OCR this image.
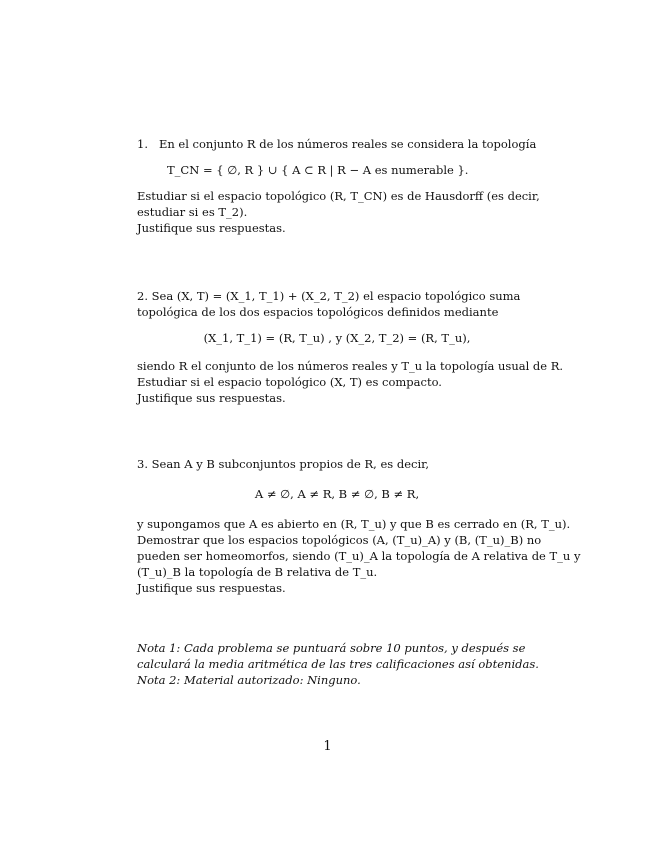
1. En el conjunto R de los números reales se considera la topología
T_CN = { ∅, R } ∪ { A ⊂ R | R − A es numerable }.
Estudiar si el espacio topológico (R, T_CN) es de Hausdorff (es decir,
estudiar si es T_2).
Justifique sus respuestas.
2. Sea (X, T) = (X_1, T_1) + (X_2, T_2) el espacio topológico suma
topológica de los dos espacios topológicos definidos mediante
(X_1, T_1) = (R, T_u) , y (X_2, T_2) = (R, T_u),
siendo R el conjunto de los números reales y T_u la topología usual de R.
Estudiar si el espacio topológico (X, T) es compacto.
Justifique sus respuestas.
3. Sean A y B subconjuntos propios de R, es decir,
A ≠ ∅, A ≠ R, B ≠ ∅, B ≠ R,
y supongamos que A es abierto en (R, T_u) y que B es cerrado en (R, T_u).
Demostrar que los espacios topológicos (A, (T_u)_A) y (B, (T_u)_B) no
pueden ser homeomorfos, siendo (T_u)_A la topología de A relativa de T_u y
(T_u)_B la topología de B relativa de T_u.
Justifique sus respuestas.
Nota 1: Cada problema se puntuará sobre 10 puntos, y después se
calculará la media aritmética de las tres calificaciones así obtenidas.
Nota 2: Material autorizado: Ninguno.
1
